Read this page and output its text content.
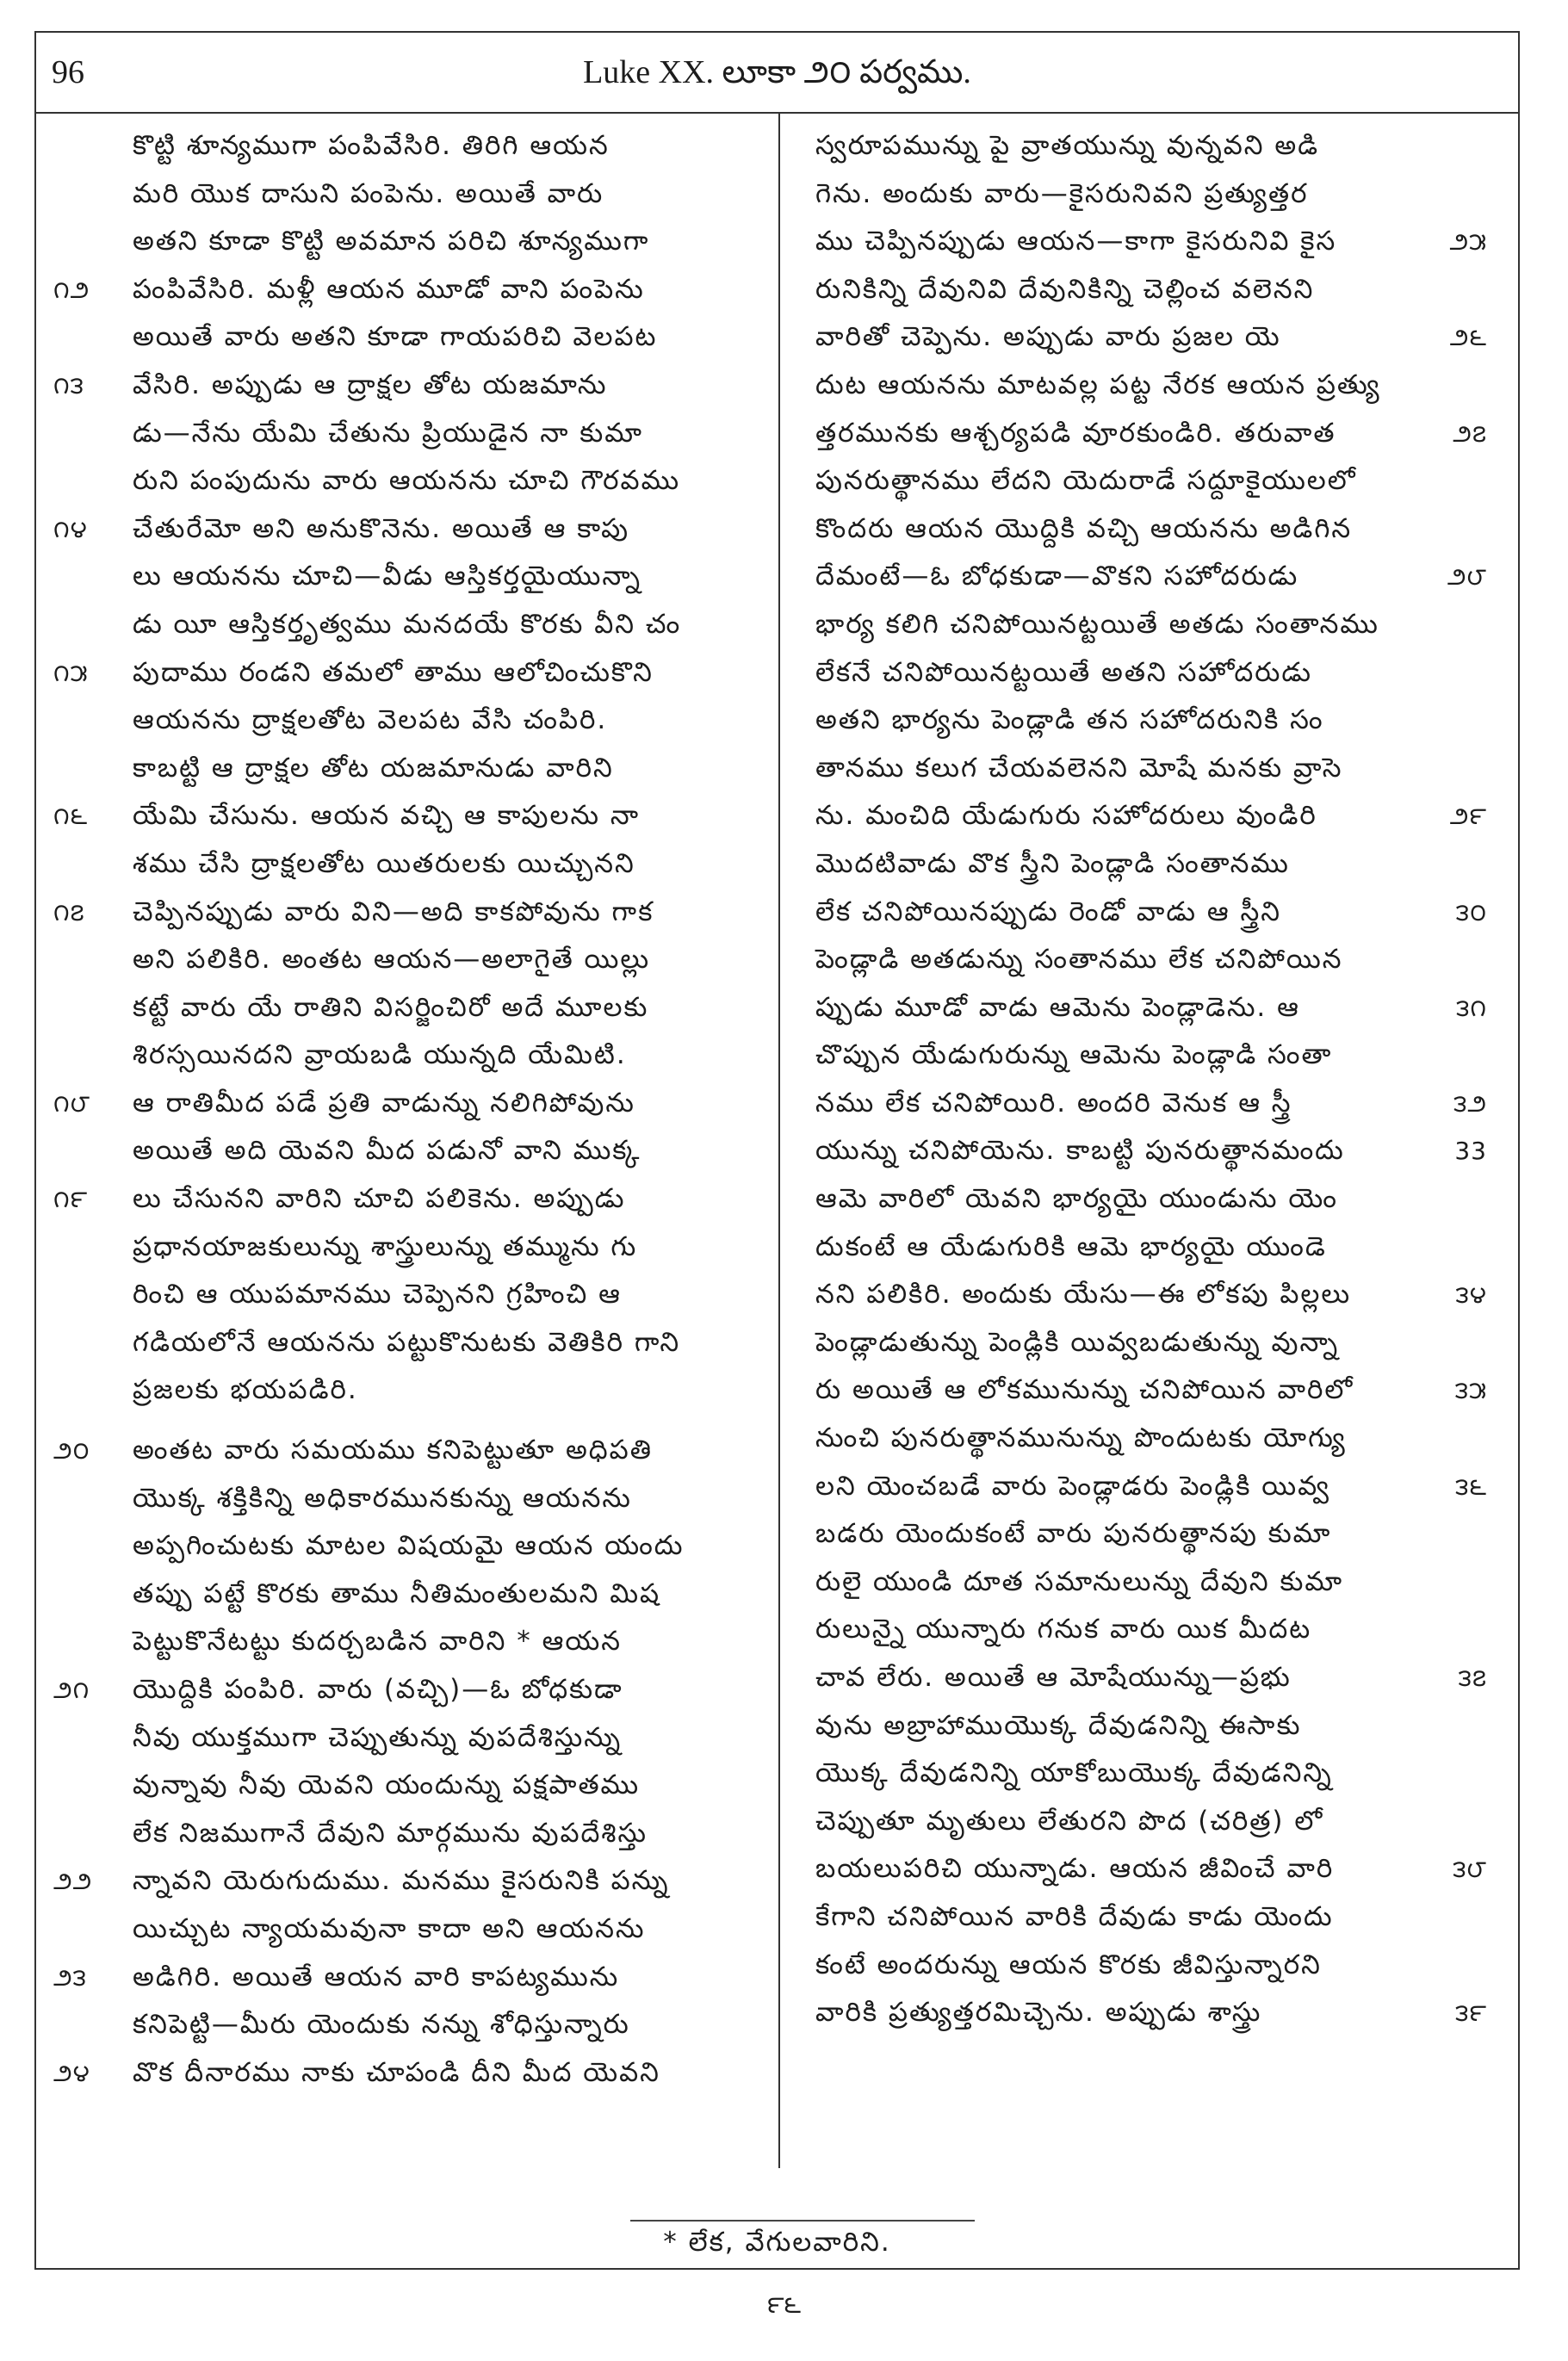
96	Luke XX. లూకా ౨౦ పర్వము.
కొట్టి శూన్యముగా పంపివేసిరి. తిరిగి ఆయన
మరి యొక దాసుని పంపెను. అయితే వారు
అతని కూడా కొట్టి అవమాన పరిచి శూన్యముగా
౧౨ పంపివేసిరి. మళ్లీ ఆయన మూడో వాని పంపెను
అయితే వారు అతని కూడా గాయపరిచి వెలపట
౧౩ వేసిరి. అప్పుడు ఆ ద్రాక్షల తోట యజమాను
డు—నేను యేమి చేతును ప్రియుడైన నా కుమా
రుని పంపుదును వారు ఆయనను చూచి గౌరవము
౧౪ చేతురేమో అని అనుకొనెను. అయితే ఆ కాపు
లు ఆయనను చూచి—వీడు ఆస్తికర్తయైయున్నా
డు యీ ఆస్తికర్తృత్వము మనదయే కొరకు వీని చం
౧౫ పుదాము రండని తమలో తాము ఆలోచించుకొని
ఆయనను ద్రాక్షలతోట వెలపట వేసి చంపిరి.
కాబట్టి ఆ ద్రాక్షల తోట యజమానుడు వారిని
౧౬ యేమి చేసును. ఆయన వచ్చి ఆ కాపులను నా
శము చేసి ద్రాక్షలతోట యితరులకు యిచ్చునని
౧౭ చెప్పినప్పుడు వారు విని—అది కాకపోవును గాక
అని పలికిరి. అంతట ఆయన—అలాగైతే యిల్లు
కట్టే వారు యే రాతిని విసర్జించిరో అదే మూలకు
శిరస్సయినదని వ్రాయబడి యున్నది యేమిటి.
౧౮ ఆ రాతిమీద పడే ప్రతి వాడున్ను నలిగిపోవును
అయితే అది యెవని మీద పడునో వాని ముక్క
౧౯ లు చేసునని వారిని చూచి పలికెను. అప్పుడు
ప్రధానయాజకులున్ను శాస్త్రులున్ను తమ్మును గు
రించి ఆ యుపమానము చెప్పెనని గ్రహించి ఆ
గడియలోనే ఆయనను పట్టుకొనుటకు వెతికిరి గాని
ప్రజలకు భయపడిరి.
౨౦ అంతట వారు సమయము కనిపెట్టుతూ అధిపతి
యొక్క శక్తికిన్ని అధికారమునకున్ను ఆయనను
అప్పగించుటకు మాటల విషయమై ఆయన యందు
తప్పు పట్టే కొరకు తాము నీతిమంతులమని మిష
పెట్టుకొనేటట్టు కుదర్చబడిన వారిని * ఆయన
౨౧ యొద్దికి పంపిరి. వారు (వచ్చి)—ఓ బోధకుడా
నీవు యుక్తముగా చెప్పుతున్ను వుపదేశిస్తున్ను
వున్నావు నీవు యెవని యందున్ను పక్షపాతము
లేక నిజముగానే దేవుని మార్గమును వుపదేశిస్తు
౨౨ న్నావని యెరుగుదుము. మనము కైసరునికి పన్ను
యిచ్చుట న్యాయమవునా కాదా అని ఆయనను
౨౩ అడిగిరి. అయితే ఆయన వారి కాపట్యమును
కనిపెట్టి—మీరు యెందుకు నన్ను శోధిస్తున్నారు
౨౪ వొక దీనారము నాకు చూపండి దీని మీద యెవని
స్వరూపమున్ను పై వ్రాతయున్ను వున్నవని అడి
గెను. అందుకు వారు—కైసరునివని ప్రత్యుత్తర
౨౫
ము చెప్పినప్పుడు ఆయన—కాగా కైసరునివి కైస
రునికిన్ని దేవునివి దేవునికిన్ని చెల్లించ వలెనని
౨౬
వారితో చెప్పెను. అప్పుడు వారు ప్రజల యె
దుట ఆయనను మాటవల్ల పట్ట నేరక ఆయన ప్రత్యు
౨౭
త్తరమునకు ఆశ్చర్యపడి వూరకుండిరి. తరువాత
పునరుత్థానము లేదని యెదురాడే సద్దూకైయులలో
కొందరు ఆయన యొద్దికి వచ్చి ఆయనను అడిగిన
౨౮
దేమంటే—ఓ బోధకుడా—వొకని సహోదరుడు
భార్య కలిగి చనిపోయినట్టయితే అతడు సంతానము
లేకనే చనిపోయినట్టయితే అతని సహోదరుడు
అతని భార్యను పెండ్లాడి తన సహోదరునికి సం
తానము కలుగ చేయవలెనని మోషే మనకు వ్రాసె
౨౯
ను. మంచిది యేడుగురు సహోదరులు వుండిరి
మొదటివాడు వొక స్త్రీని పెండ్లాడి సంతానము
౩౦
లేక చనిపోయినప్పుడు రెండో వాడు ఆ స్త్రీని
పెండ్లాడి అతడున్ను సంతానము లేక చనిపోయిన
౩౧
ప్పుడు మూడో వాడు ఆమెను పెండ్లాడెను. ఆ
చొప్పున యేడుగురున్ను ఆమెను పెండ్లాడి సంతా
౩౨
నము లేక చనిపోయిరి. అందరి వెనుక ఆ స్త్రీ
33
యున్ను చనిపోయెను. కాబట్టి పునరుత్థానమందు
ఆమె వారిలో యెవని భార్యయై యుండును యెం
దుకంటే ఆ యేడుగురికి ఆమె భార్యయై యుండె
౩౪
నని పలికిరి. అందుకు యేసు—ఈ లోకపు పిల్లలు
పెండ్లాడుతున్ను పెండ్లికి యివ్వబడుతున్ను వున్నా
౩౫
రు అయితే ఆ లోకమునున్ను చనిపోయిన వారిలో
నుంచి పునరుత్థానమునున్ను పొందుటకు యోగ్యు
౩౬
లని యెంచబడే వారు పెండ్లాడరు పెండ్లికి యివ్వ
బడరు యెందుకంటే వారు పునరుత్థానపు కుమా
రులై యుండి దూత సమానులున్ను దేవుని కుమా
రులున్నై యున్నారు గనుక వారు యిక మీదట
౩౭
చావ లేరు. అయితే ఆ మోషేయున్ను—ప్రభు
వును అబ్రాహాముయొక్క దేవుడనిన్ని ఈసాకు
యొక్క దేవుడనిన్ని యాకోబుయొక్క దేవుడనిన్ని
చెప్పుతూ మృతులు లేతురని పొద (చరిత్ర) లో
౩౮
బయలుపరిచి యున్నాడు. ఆయన జీవించే వారి
కేగాని చనిపోయిన వారికి దేవుడు కాడు యెందు
కంటే అందరున్ను ఆయన కొరకు జీవిస్తున్నారని
౩౯
వారికి ప్రత్యుత్తరమిచ్చెను. అప్పుడు శాస్త్రు
* లేక, వేగులవారిని.
౯౬
